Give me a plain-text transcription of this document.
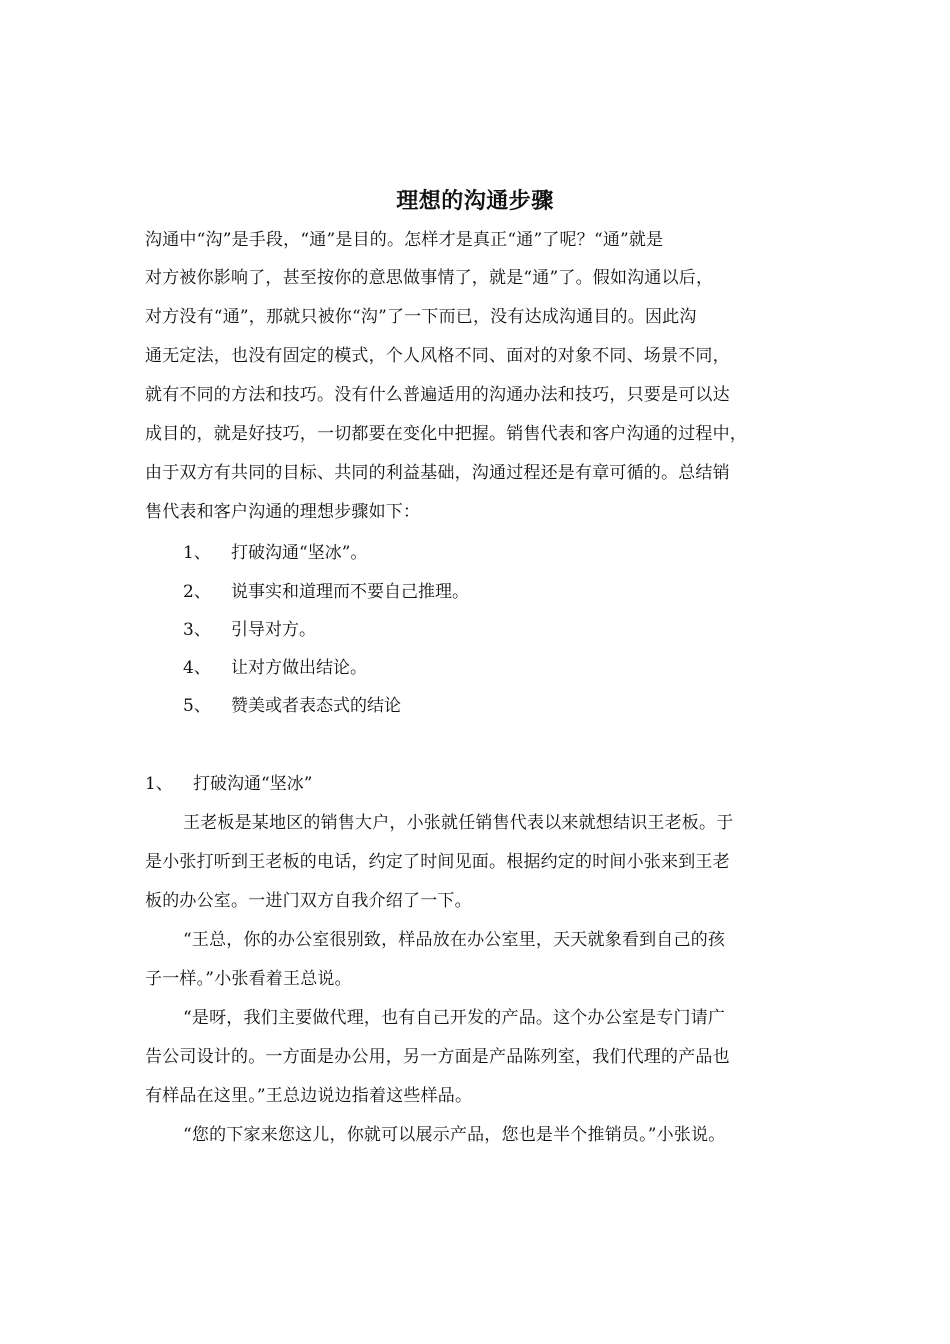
理想的沟通步骤
沟通中“沟”是手段，“通”是目的。怎样才是真正“通”了呢？“通”就是
对方被你影响了，甚至按你的意思做事情了，就是“通”了。假如沟通以后，
对方没有“通”，那就只被你“沟”了一下而已，没有达成沟通目的。因此沟
通无定法，也没有固定的模式，个人风格不同、面对的对象不同、场景不同，
就有不同的方法和技巧。没有什么普遍适用的沟通办法和技巧，只要是可以达
成目的，就是好技巧，一切都要在变化中把握。销售代表和客户沟通的过程中，
由于双方有共同的目标、共同的利益基础，沟通过程还是有章可循的。总结销
售代表和客户沟通的理想步骤如下：
1、	打破沟通“坚冰”。
2、	说事实和道理而不要自己推理。
3、	引导对方。
4、	让对方做出结论。
5、	赞美或者表态式的结论
1、	打破沟通“坚冰”
王老板是某地区的销售大户，小张就任销售代表以来就想结识王老板。于
是小张打听到王老板的电话，约定了时间见面。根据约定的时间小张来到王老
板的办公室。一进门双方自我介绍了一下。
“王总，你的办公室很别致，样品放在办公室里，天天就象看到自己的孩
子一样。”小张看着王总说。
“是呀，我们主要做代理，也有自己开发的产品。这个办公室是专门请广
告公司设计的。一方面是办公用，另一方面是产品陈列室，我们代理的产品也
有样品在这里。”王总边说边指着这些样品。
“您的下家来您这儿，你就可以展示产品，您也是半个推销员。”小张说。
